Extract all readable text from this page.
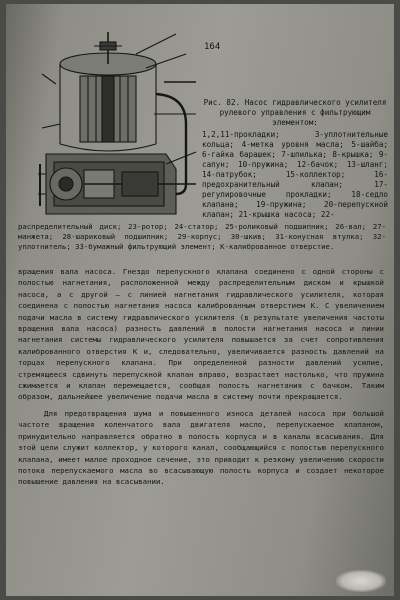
164
Рис. 82. Насос гидравлического усилителя рулевого управления с фильтрующим элементом:
1,2,11-прокладки; 3-уплотнительные кольца; 4-метка уровня масла; 5-шайба; 6-гайка барашек; 7-шпилька; 8-крышка; 9-сапун; 10-пружина; 12-бачок; 13-шланг; 14-патрубок; 15-коллектор; 16-предохранительный клапан; 17-регулировочные прокладки; 18-седло клапана; 19-пружина; 20-перепускной клапан; 21-крышка насоса; 22-
распределительный диск; 23-ротор; 24-статор; 25-роликовый подшипник; 26-вал; 27-манжета; 28-шариковый подшипник; 29-корпус; 30-шкив; 31-конусная втулка; 32-уплотнитель; 33-бумажный фильтрующий элемент; К-калиброванное отверстие.

вращения вала насоса. Гнездо перепускного клапана соединено с одной стороны с полостью нагнетания, расположенной между распределительным диском и крышкой насоса, а с другой – с линией нагнетания гидравлического усилителя, которая соединена с полостью нагнетания насоса калиброванным отверстием К. С увеличением подачи масла в систему гидравлического усилителя (в результате увеличения частоты вращения вала насоса) разность давлений в полости нагнетания насоса и линии нагнетания системы гидравлического усилителя повышается за счет сопротивления калиброванного отверстия К и, следовательно, увеличивается разность давлений на торцах перепускного клапана. При определенной разности давлений усилие, стремящееся сдвинуть перепускной клапан вправо, возрастает настолько, что пружина сжимается и клапан перемещается, сообщая полость нагнетания с бачком. Таким образом, дальнейшее увеличение подачи масла в систему почти прекращается.

Для предотвращения шума и повышенного износа деталей насоса при большой частоте вращения коленчатого вала двигателя масло, перепускаемое клапаном, принудительно направляется обратно в полость корпуса и в каналы всасывания. Для этой цели служит коллектор, у которого канал, сообщающийся с полостью перепускного клапана, имеет малое проходное сечение, это приводит к резкому увеличению скорости потока перепускаемого масла во всасывающую полость корпуса и создает некоторое повышение давления на всасывании.
